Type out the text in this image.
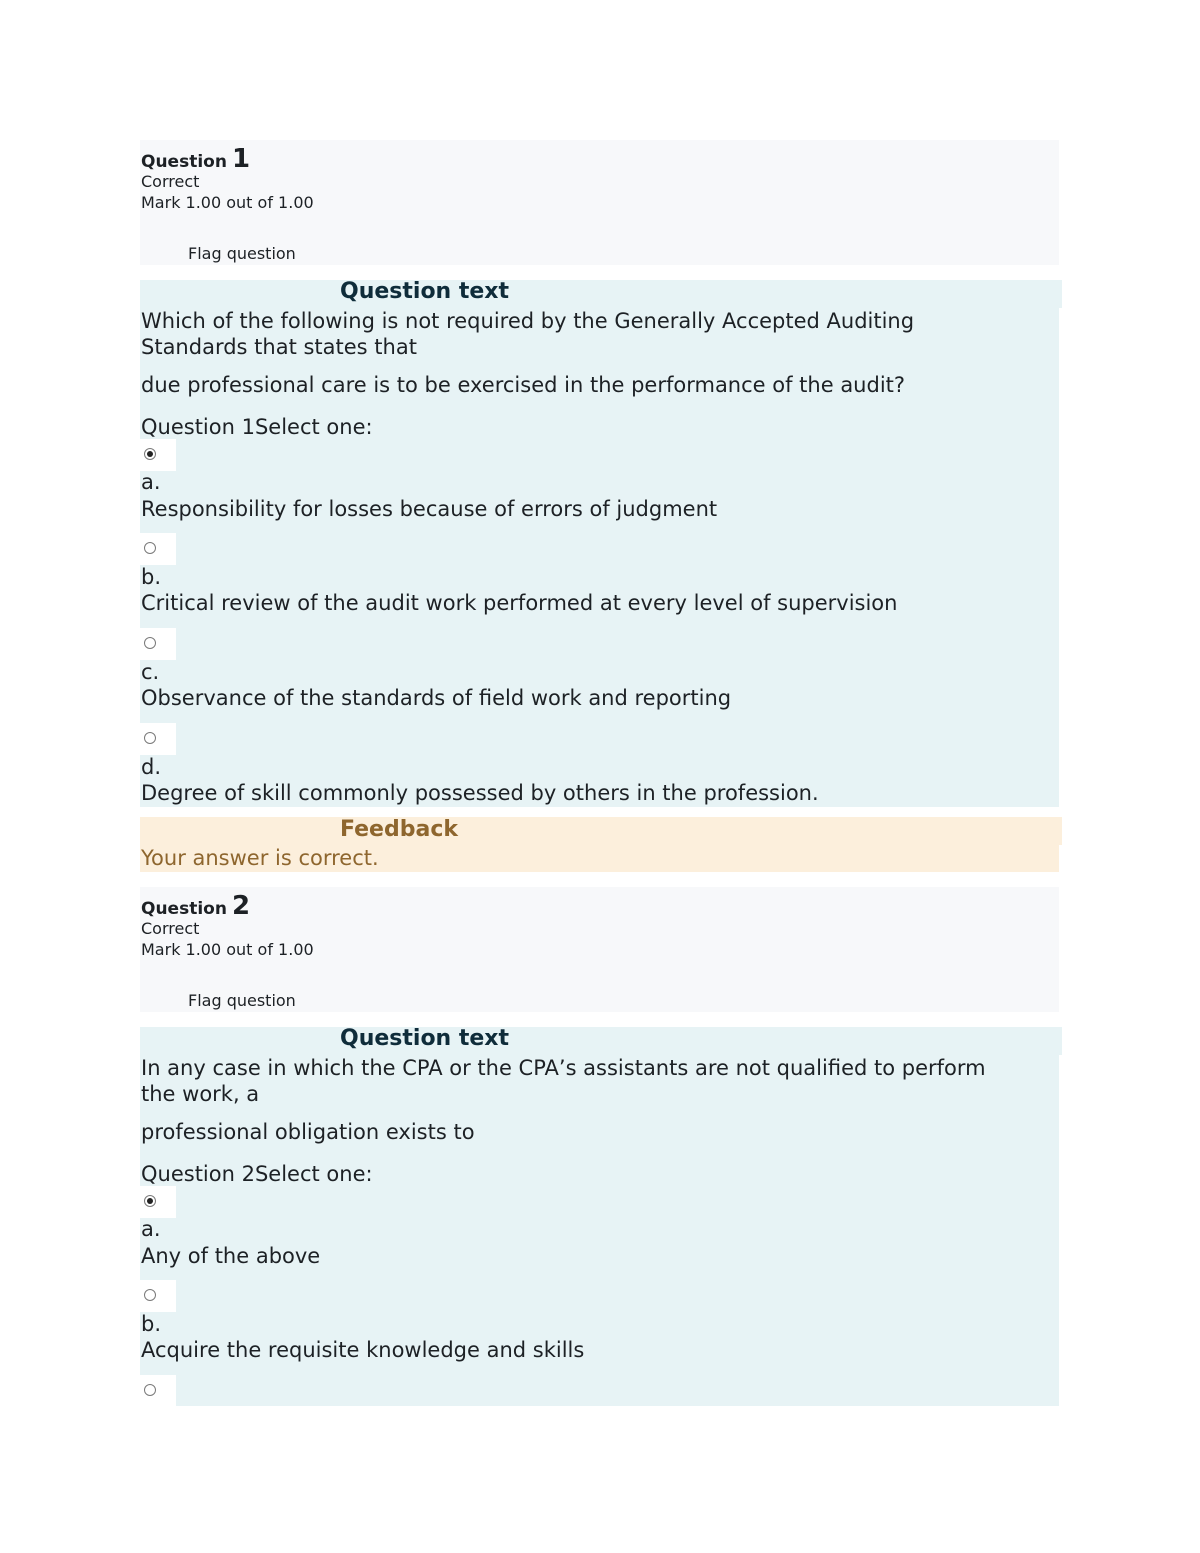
Question 1
Correct
Mark 1.00 out of 1.00
Flag question
Question text
Which of the following is not required by the Generally Accepted Auditing
Standards that states that
due professional care is to be exercised in the performance of the audit?
Question 1Select one:
a.
Responsibility for losses because of errors of judgment
b.
Critical review of the audit work performed at every level of supervision
c.
Observance of the standards of field work and reporting
d.
Degree of skill commonly possessed by others in the profession.
Feedback
Your answer is correct.
Question 2
Correct
Mark 1.00 out of 1.00
Flag question
Question text
In any case in which the CPA or the CPA’s assistants are not qualified to perform
the work, a
professional obligation exists to
Question 2Select one:
a.
Any of the above
b.
Acquire the requisite knowledge and skills
